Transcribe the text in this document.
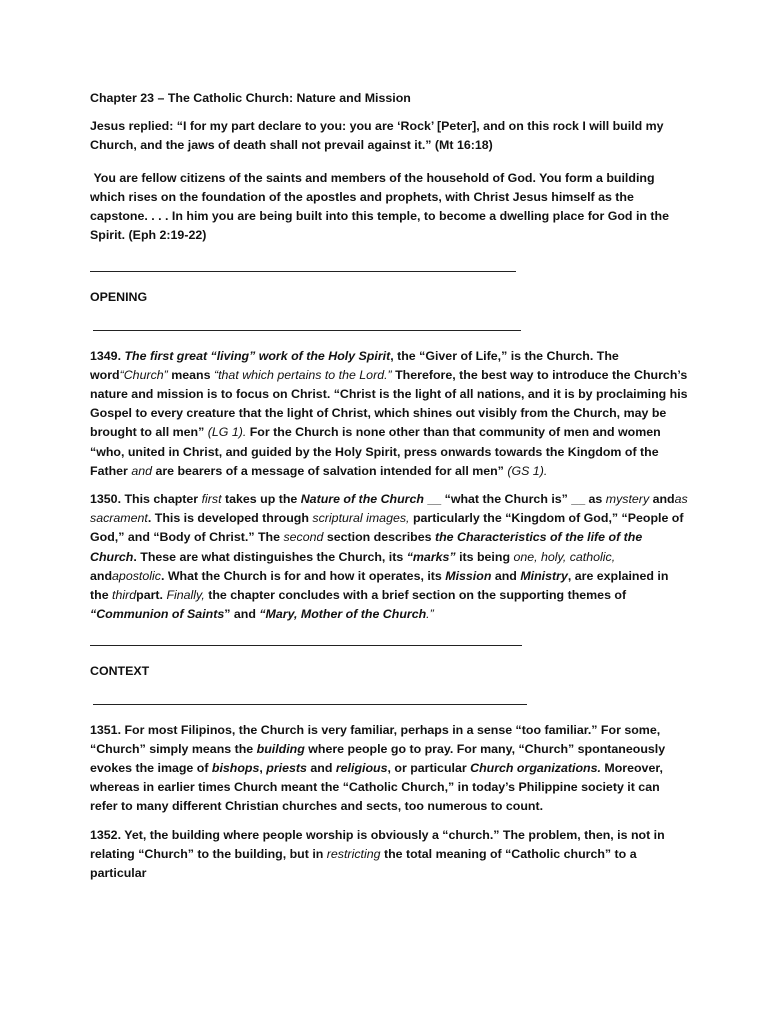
Chapter 23 – The Catholic Church: Nature and Mission

Jesus replied: “I for my part declare to you: you are ‘Rock’ [Peter], and on this rock I will build my Church, and the jaws of death shall not prevail against it.” (Mt 16:18)

You are fellow citizens of the saints and members of the household of God. You form a building which rises on the foundation of the apostles and prophets, with Christ Jesus himself as the capstone. . . . In him you are being built into this temple, to become a dwelling place for God in the Spirit. (Eph 2:19-22)

OPENING

1349. The first great “living” work of the Holy Spirit, the “Giver of Life,” is the Church. The word“Church” means “that which pertains to the Lord.” Therefore, the best way to introduce the Church’s nature and mission is to focus on Christ. “Christ is the light of all nations, and it is by proclaiming his Gospel to every creature that the light of Christ, which shines out visibly from the Church, may be brought to all men” (LG 1). For the Church is none other than that community of men and women “who, united in Christ, and guided by the Holy Spirit, press onwards towards the Kingdom of the Father and are bearers of a message of salvation intended for all men” (GS 1).

1350. This chapter first takes up the Nature of the Church __ “what the Church is” __ as mystery andas sacrament. This is developed through scriptural images, particularly the “Kingdom of God,” “People of God,” and “Body of Christ.” The second section describes the Characteristics of the life of the Church. These are what distinguishes the Church, its “marks” its being one, holy, catholic, andapostolic. What the Church is for and how it operates, its Mission and Ministry, are explained in the thirdpart. Finally, the chapter concludes with a brief section on the supporting themes of “Communion of Saints” and “Mary, Mother of the Church.”

CONTEXT

1351. For most Filipinos, the Church is very familiar, perhaps in a sense “too familiar.” For some, “Church” simply means the building where people go to pray. For many, “Church” spontaneously evokes the image of bishops, priests and religious, or particular Church organizations. Moreover, whereas in earlier times Church meant the “Catholic Church,” in today’s Philippine society it can refer to many different Christian churches and sects, too numerous to count.

1352. Yet, the building where people worship is obviously a “church.” The problem, then, is not in relating “Church” to the building, but in restricting the total meaning of “Catholic church” to a particular
